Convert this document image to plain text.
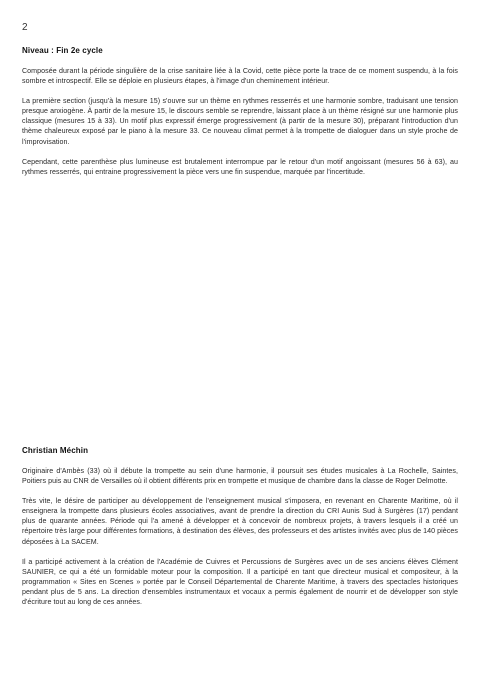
2
Niveau : Fin 2e cycle

Composée durant la période singulière de la crise sanitaire liée à la Covid, cette pièce porte la trace de ce moment suspendu, à la fois sombre et introspectif. Elle se déploie en plusieurs étapes, à l'image d'un cheminement intérieur.

La première section (jusqu'à la mesure 15) s'ouvre sur un thème en rythmes resserrés et une harmonie sombre, traduisant une tension presque anxiogène. À partir de la mesure 15, le discours semble se reprendre, laissant place à un thème résigné sur une harmonie plus classique (mesures 15 à 33). Un motif plus expressif émerge progressivement (à partir de la mesure 30), préparant l'introduction d'un thème chaleureux exposé par le piano à la mesure 33. Ce nouveau climat permet à la trompette de dialoguer dans un style proche de l'improvisation.

Cependant, cette parenthèse plus lumineuse est brutalement interrompue par le retour d'un motif angoissant (mesures 56 à 63), au rythmes resserrés, qui entraine progressivement la pièce vers une fin suspendue, marquée par l'incertitude.

Christian Méchin

Originaire d'Ambès (33) où il débute la trompette au sein d'une harmonie, il poursuit ses études musicales à La Rochelle, Saintes, Poitiers puis au CNR de Versailles où il obtient différents prix en trompette et musique de chambre dans la classe de Roger Delmotte.

Très vite, le désire de participer au développement de l'enseignement musical s'imposera, en revenant en Charente Maritime, où il enseignera la trompette dans plusieurs écoles associatives, avant de prendre la direction du CRI Aunis Sud à Surgères (17) pendant plus de quarante années. Période qui l'a amené à développer et à concevoir de nombreux projets, à travers lesquels il a créé un répertoire très large pour différentes formations, à destination des élèves, des professeurs et des artistes invités avec plus de 140 pièces déposées à La SACEM.

Il a participé activement à la création de l'Académie de Cuivres et Percussions de Surgères avec un de ses anciens élèves Clément SAUNIER, ce qui a été un formidable moteur pour la composition. Il a participé en tant que directeur musical et compositeur, à la programmation « Sites en Scenes » portée par le Conseil Départemental de Charente Maritime, à travers des spectacles historiques pendant plus de 5 ans. La direction d'ensembles instrumentaux et vocaux a permis également de nourrir et de développer son style d'écriture tout au long de ces années.
